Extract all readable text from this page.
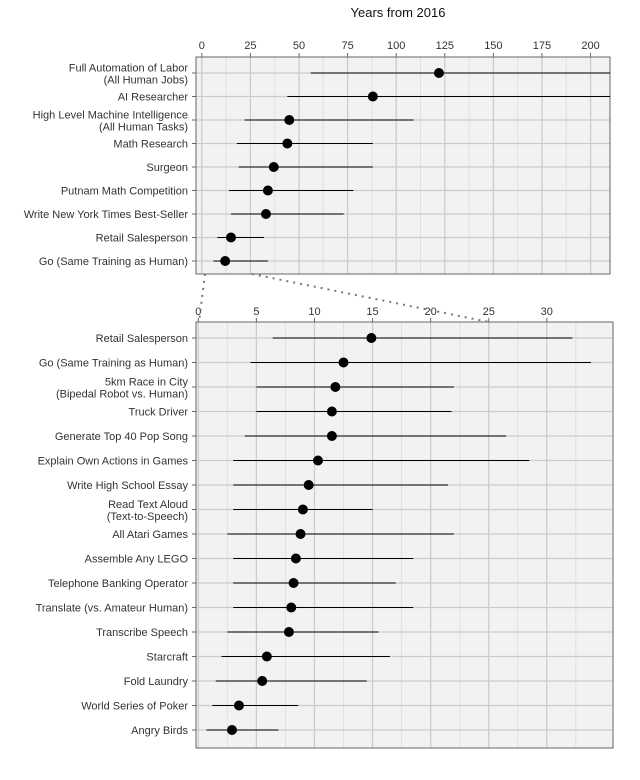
Years from 2016
0	25	50	75	100	125	150	175	200
Full Automation of Labor (All Human Jobs)
AI Researcher
High Level Machine Intelligence (All Human Tasks)
Math Research
Surgeon
Putnam Math Competition
Write New York Times Best-Seller
Retail Salesperson
Go (Same Training as Human)
0	5	10	15	20	25	30
Retail Salesperson
Go (Same Training as Human)
5km Race in City (Bipedal Robot vs. Human)
Truck Driver
Generate Top 40 Pop Song
Explain Own Actions in Games
Write High School Essay
Read Text Aloud (Text-to-Speech)
All Atari Games
Assemble Any LEGO
Telephone Banking Operator
Translate (vs. Amateur Human)
Transcribe Speech
Starcraft
Fold Laundry
World Series of Poker
Angry Birds
